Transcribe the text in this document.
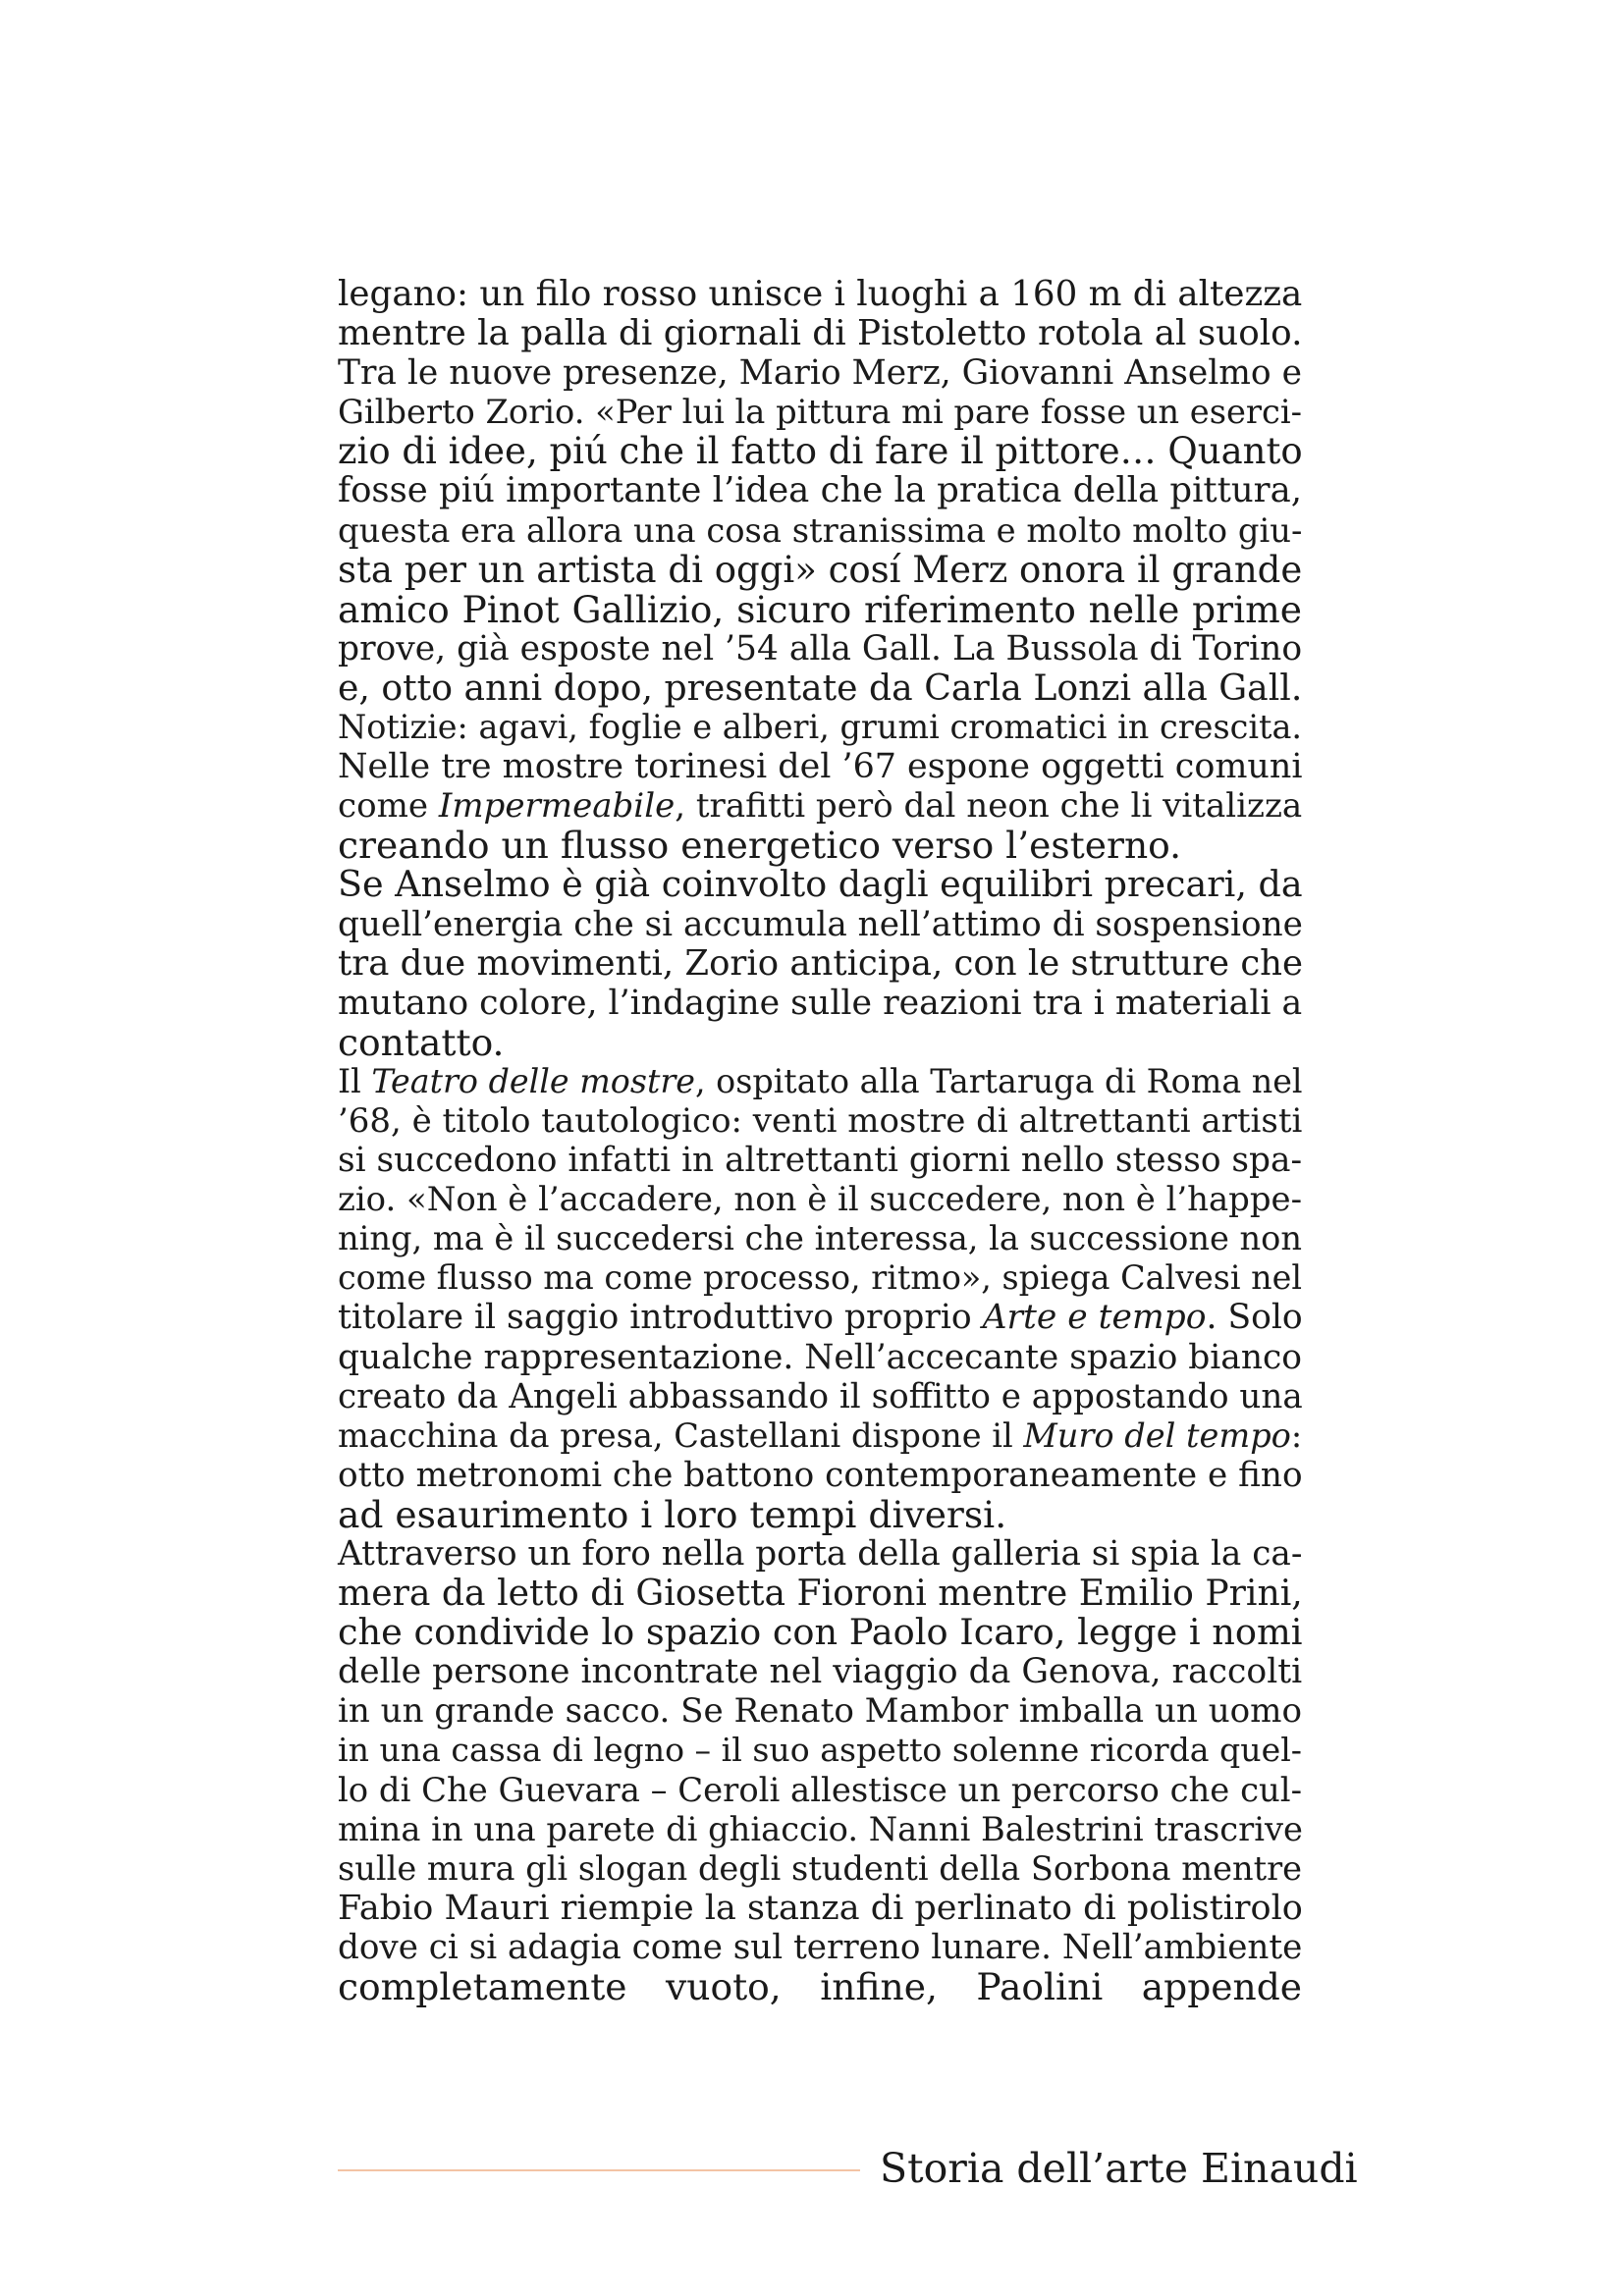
legano: un filo rosso unisce i luoghi a 160 m di altezza
mentre la palla di giornali di Pistoletto rotola al suolo.
Tra le nuove presenze, Mario Merz, Giovanni Anselmo e
Gilberto Zorio. «Per lui la pittura mi pare fosse un eserci-
zio di idee, piú che il fatto di fare il pittore… Quanto
fosse piú importante l’idea che la pratica della pittura,
questa era allora una cosa stranissima e molto molto giu-
sta per un artista di oggi» cosí Merz onora il grande
amico Pinot Gallizio, sicuro riferimento nelle prime
prove, già esposte nel ’54 alla Gall. La Bussola di Torino
e, otto anni dopo, presentate da Carla Lonzi alla Gall.
Notizie: agavi, foglie e alberi, grumi cromatici in crescita.
Nelle tre mostre torinesi del ’67 espone oggetti comuni
come Impermeabile, trafitti però dal neon che li vitalizza
creando un flusso energetico verso l’esterno.
Se Anselmo è già coinvolto dagli equilibri precari, da
quell’energia che si accumula nell’attimo di sospensione
tra due movimenti, Zorio anticipa, con le strutture che
mutano colore, l’indagine sulle reazioni tra i materiali a
contatto.
Il Teatro delle mostre, ospitato alla Tartaruga di Roma nel
’68, è titolo tautologico: venti mostre di altrettanti artisti
si succedono infatti in altrettanti giorni nello stesso spa-
zio. «Non è l’accadere, non è il succedere, non è l’happe-
ning, ma è il succedersi che interessa, la successione non
come flusso ma come processo, ritmo», spiega Calvesi nel
titolare il saggio introduttivo proprio Arte e tempo. Solo
qualche rappresentazione. Nell’accecante spazio bianco
creato da Angeli abbassando il soffitto e appostando una
macchina da presa, Castellani dispone il Muro del tempo:
otto metronomi che battono contemporaneamente e fino
ad esaurimento i loro tempi diversi.
Attraverso un foro nella porta della galleria si spia la ca-
mera da letto di Giosetta Fioroni mentre Emilio Prini,
che condivide lo spazio con Paolo Icaro, legge i nomi
delle persone incontrate nel viaggio da Genova, raccolti
in un grande sacco. Se Renato Mambor imballa un uomo
in una cassa di legno – il suo aspetto solenne ricorda quel-
lo di Che Guevara – Ceroli allestisce un percorso che cul-
mina in una parete di ghiaccio. Nanni Balestrini trascrive
sulle mura gli slogan degli studenti della Sorbona mentre
Fabio Mauri riempie la stanza di perlinato di polistirolo
dove ci si adagia come sul terreno lunare. Nell’ambiente
completamente vuoto, infine, Paolini appende
Storia dell’arte Einaudi
